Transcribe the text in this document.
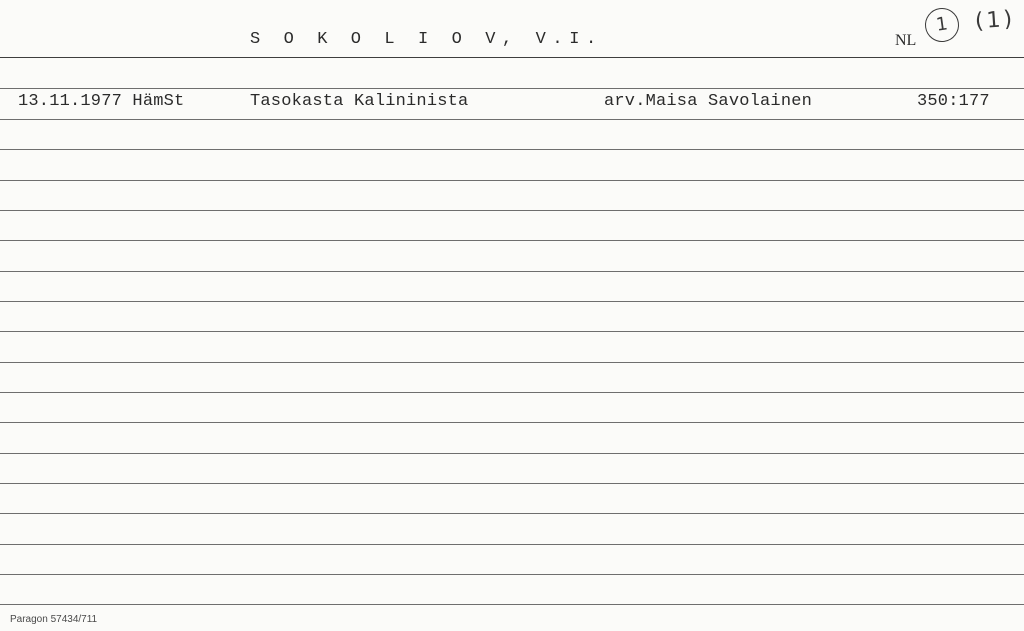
S O K O L I O V, V.I.	NL
1	(1)
13.11.1977 HämSt	Tasokasta Kalininista	arv.Maisa Savolainen	350:177
Paragon 57434/711
